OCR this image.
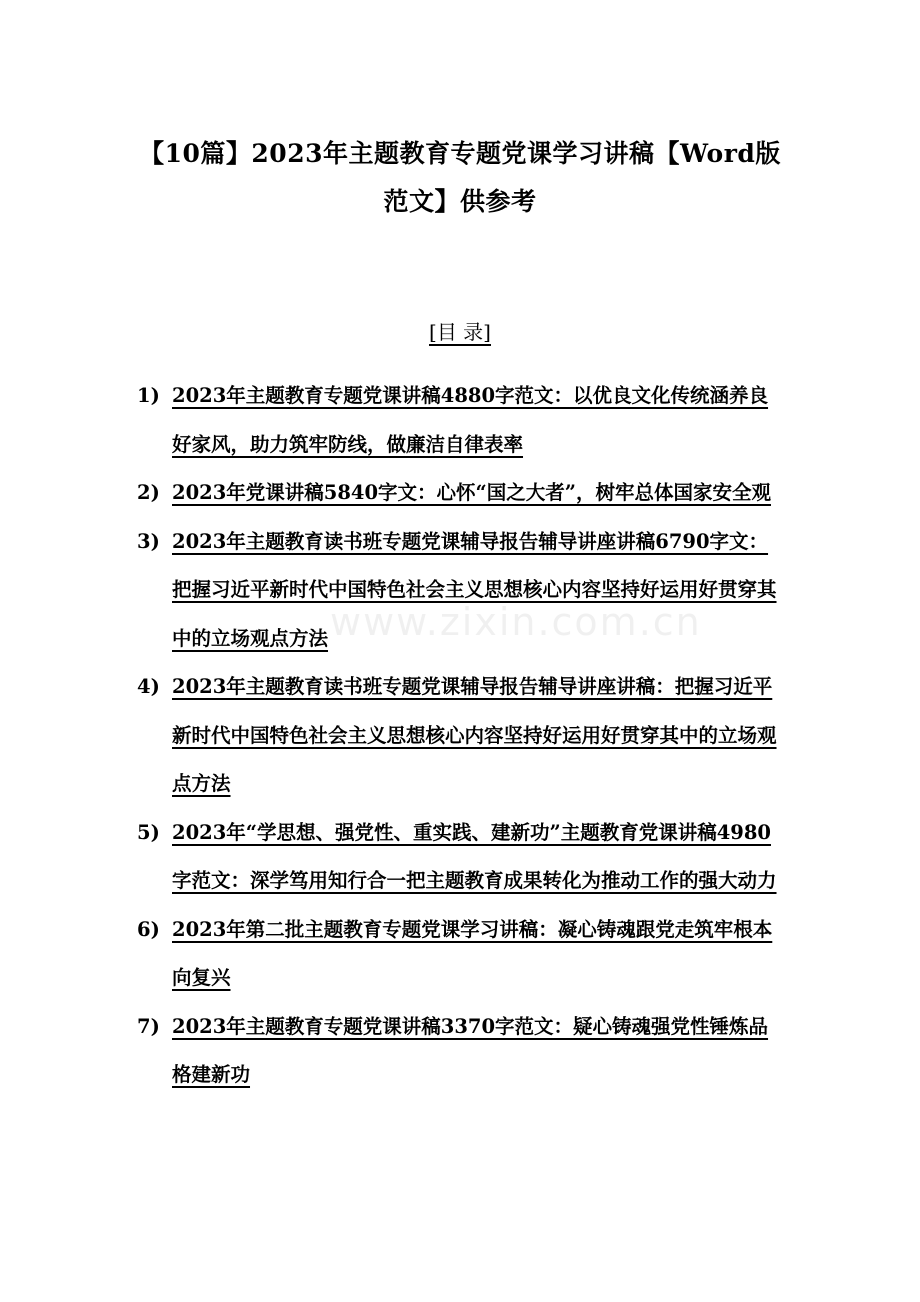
【10篇】2023年主题教育专题党课学习讲稿【Word版范文】供参考
[目 录]
www.zixin.com.cn
1) 2023年主题教育专题党课讲稿4880字范文：以优良文化传统涵养良好家风，助力筑牢防线，做廉洁自律表率
2) 2023年党课讲稿5840字文：心怀“国之大者”，树牢总体国家安全观
3) 2023年主题教育读书班专题党课辅导报告辅导讲座讲稿6790字文：把握习近平新时代中国特色社会主义思想核心内容坚持好运用好贯穿其中的立场观点方法
4) 2023年主题教育读书班专题党课辅导报告辅导讲座讲稿：把握习近平新时代中国特色社会主义思想核心内容坚持好运用好贯穿其中的立场观点方法
5) 2023年“学思想、强党性、重实践、建新功”主题教育党课讲稿4980字范文：深学笃用知行合一把主题教育成果转化为推动工作的强大动力
6) 2023年第二批主题教育专题党课学习讲稿：凝心铸魂跟党走筑牢根本向复兴
7) 2023年主题教育专题党课讲稿3370字范文：疑心铸魂强党性锤炼品格建新功
